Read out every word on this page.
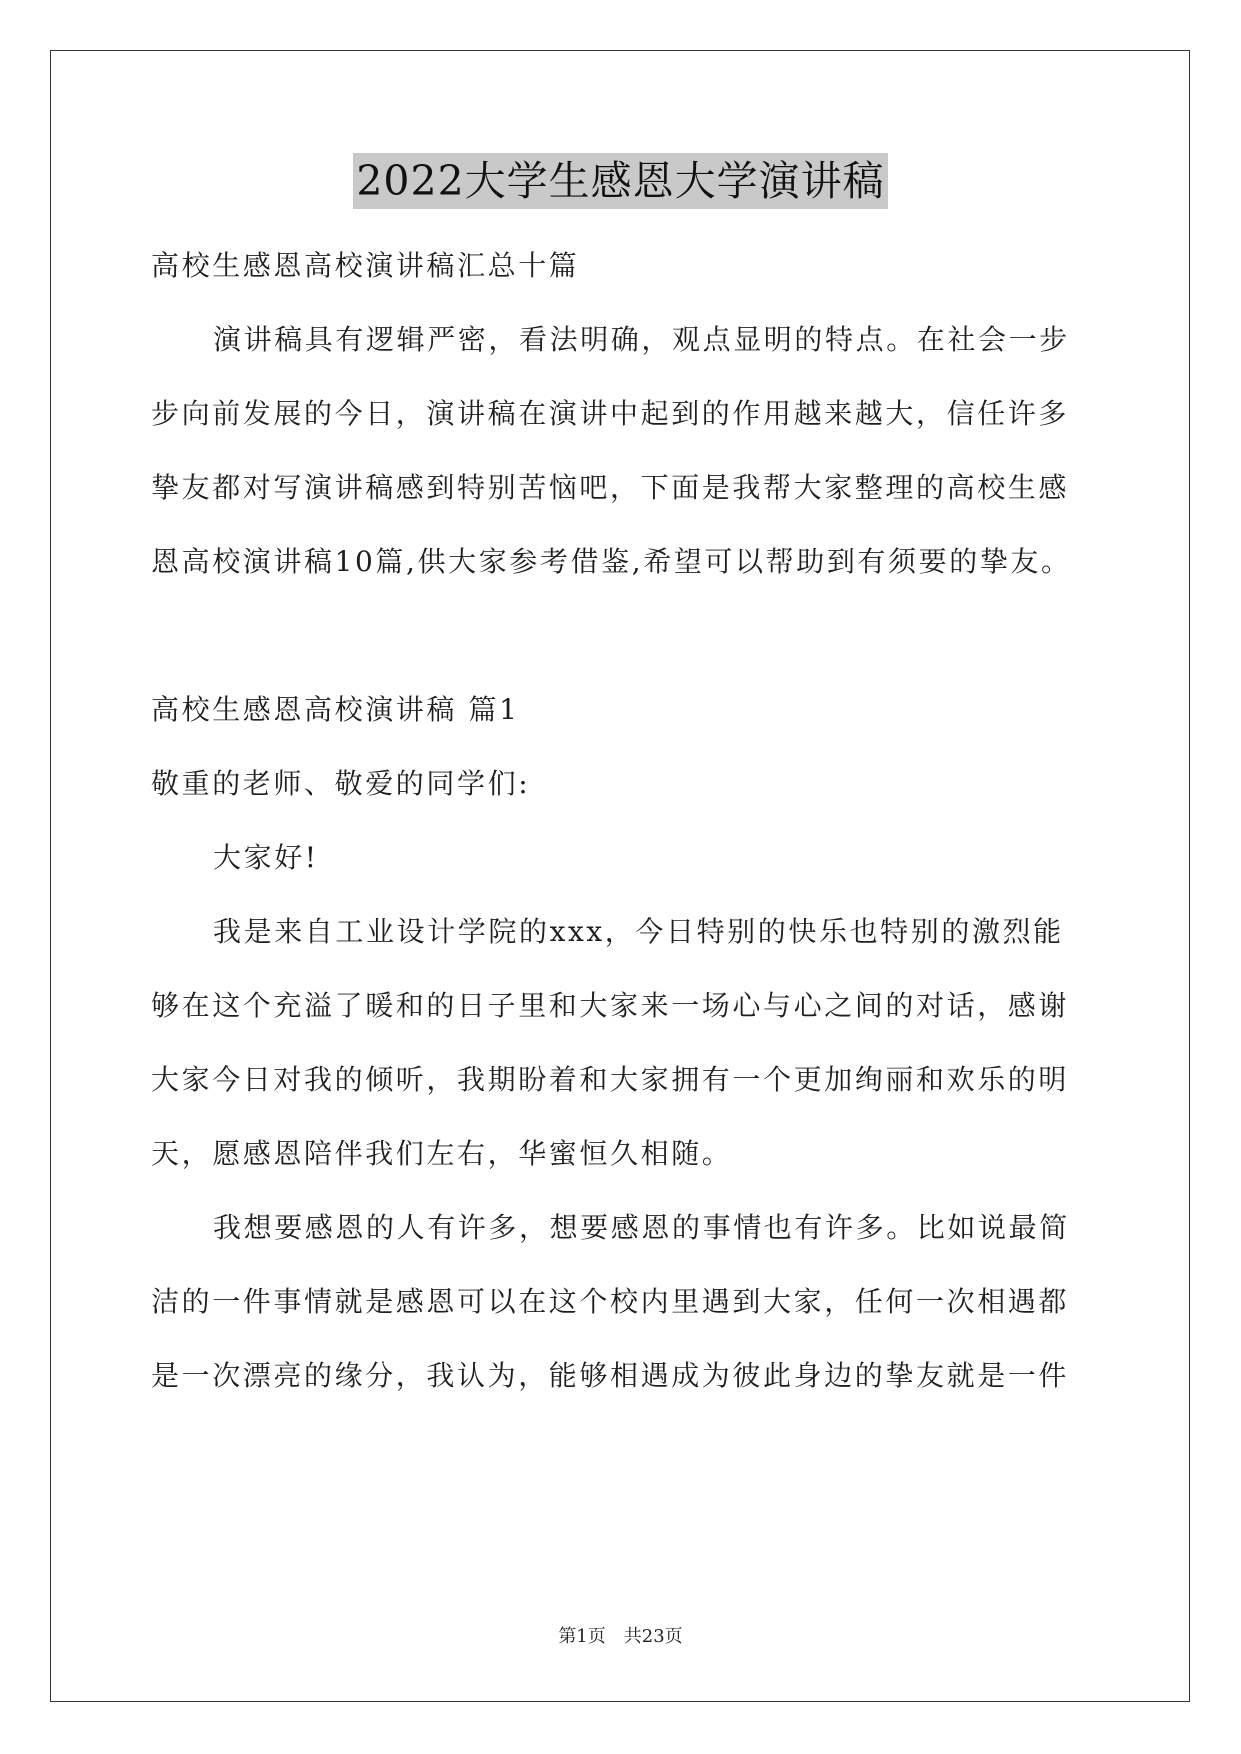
2022大学生感恩大学演讲稿
高校生感恩高校演讲稿汇总十篇
演讲稿具有逻辑严密，看法明确，观点显明的特点。在社会一步
步向前发展的今日，演讲稿在演讲中起到的作用越来越大，信任许多
挚友都对写演讲稿感到特别苦恼吧，下面是我帮大家整理的高校生感
恩高校演讲稿10篇,供大家参考借鉴,希望可以帮助到有须要的挚友。
高校生感恩高校演讲稿 篇1
敬重的老师、敬爱的同学们:
大家好!
我是来自工业设计学院的xxx，今日特别的快乐也特别的激烈能
够在这个充溢了暖和的日子里和大家来一场心与心之间的对话，感谢
大家今日对我的倾听，我期盼着和大家拥有一个更加绚丽和欢乐的明
天，愿感恩陪伴我们左右，华蜜恒久相随。
我想要感恩的人有许多，想要感恩的事情也有许多。比如说最简
洁的一件事情就是感恩可以在这个校内里遇到大家，任何一次相遇都
是一次漂亮的缘分，我认为，能够相遇成为彼此身边的挚友就是一件
第1页　共23页
